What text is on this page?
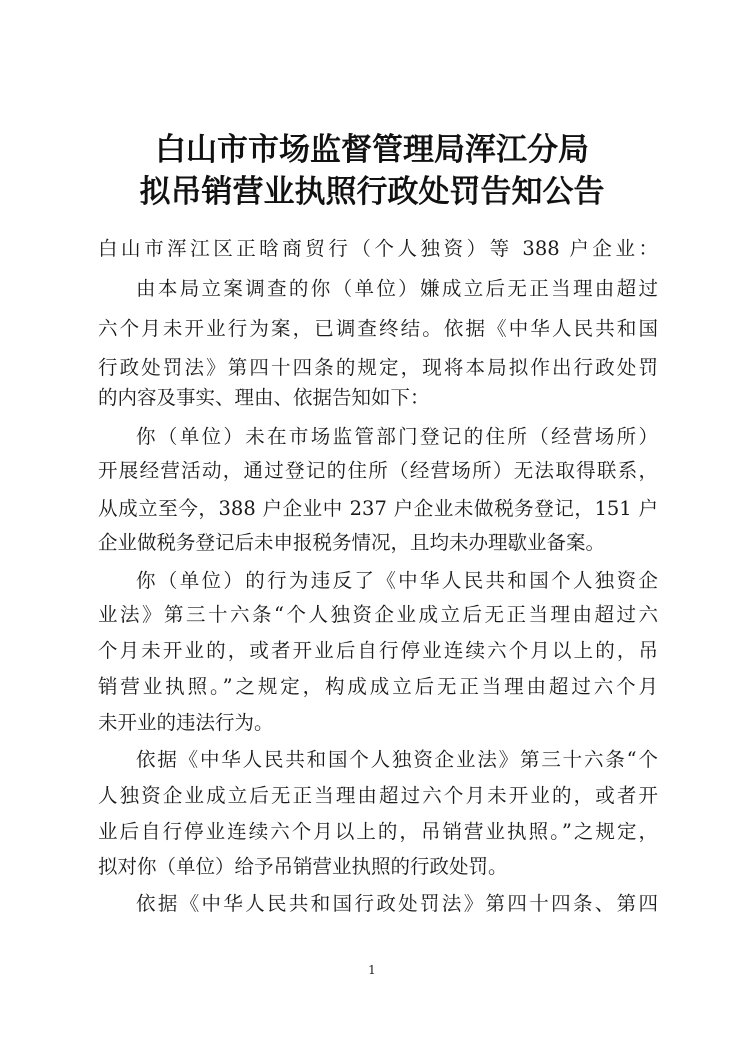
白山市市场监督管理局浑江分局
拟吊销营业执照行政处罚告知公告
白山市浑江区正晗商贸行（个人独资）等 388 户企业：
由本局立案调查的你（单位）嫌成立后无正当理由超过
六个月未开业行为案，已调查终结。依据《中华人民共和国
行政处罚法》第四十四条的规定，现将本局拟作出行政处罚
的内容及事实、理由、依据告知如下：
你（单位）未在市场监管部门登记的住所（经营场所）
开展经营活动，通过登记的住所（经营场所）无法取得联系，
从成立至今，388 户企业中 237 户企业未做税务登记，151 户
企业做税务登记后未申报税务情况，且均未办理歇业备案。
你（单位）的行为违反了《中华人民共和国个人独资企
业法》第三十六条“个人独资企业成立后无正当理由超过六
个月未开业的，或者开业后自行停业连续六个月以上的，吊
销营业执照。”之规定，构成成立后无正当理由超过六个月
未开业的违法行为。
依据《中华人民共和国个人独资企业法》第三十六条“个
人独资企业成立后无正当理由超过六个月未开业的，或者开
业后自行停业连续六个月以上的，吊销营业执照。”之规定，
拟对你（单位）给予吊销营业执照的行政处罚。
依据《中华人民共和国行政处罚法》第四十四条、第四
1
